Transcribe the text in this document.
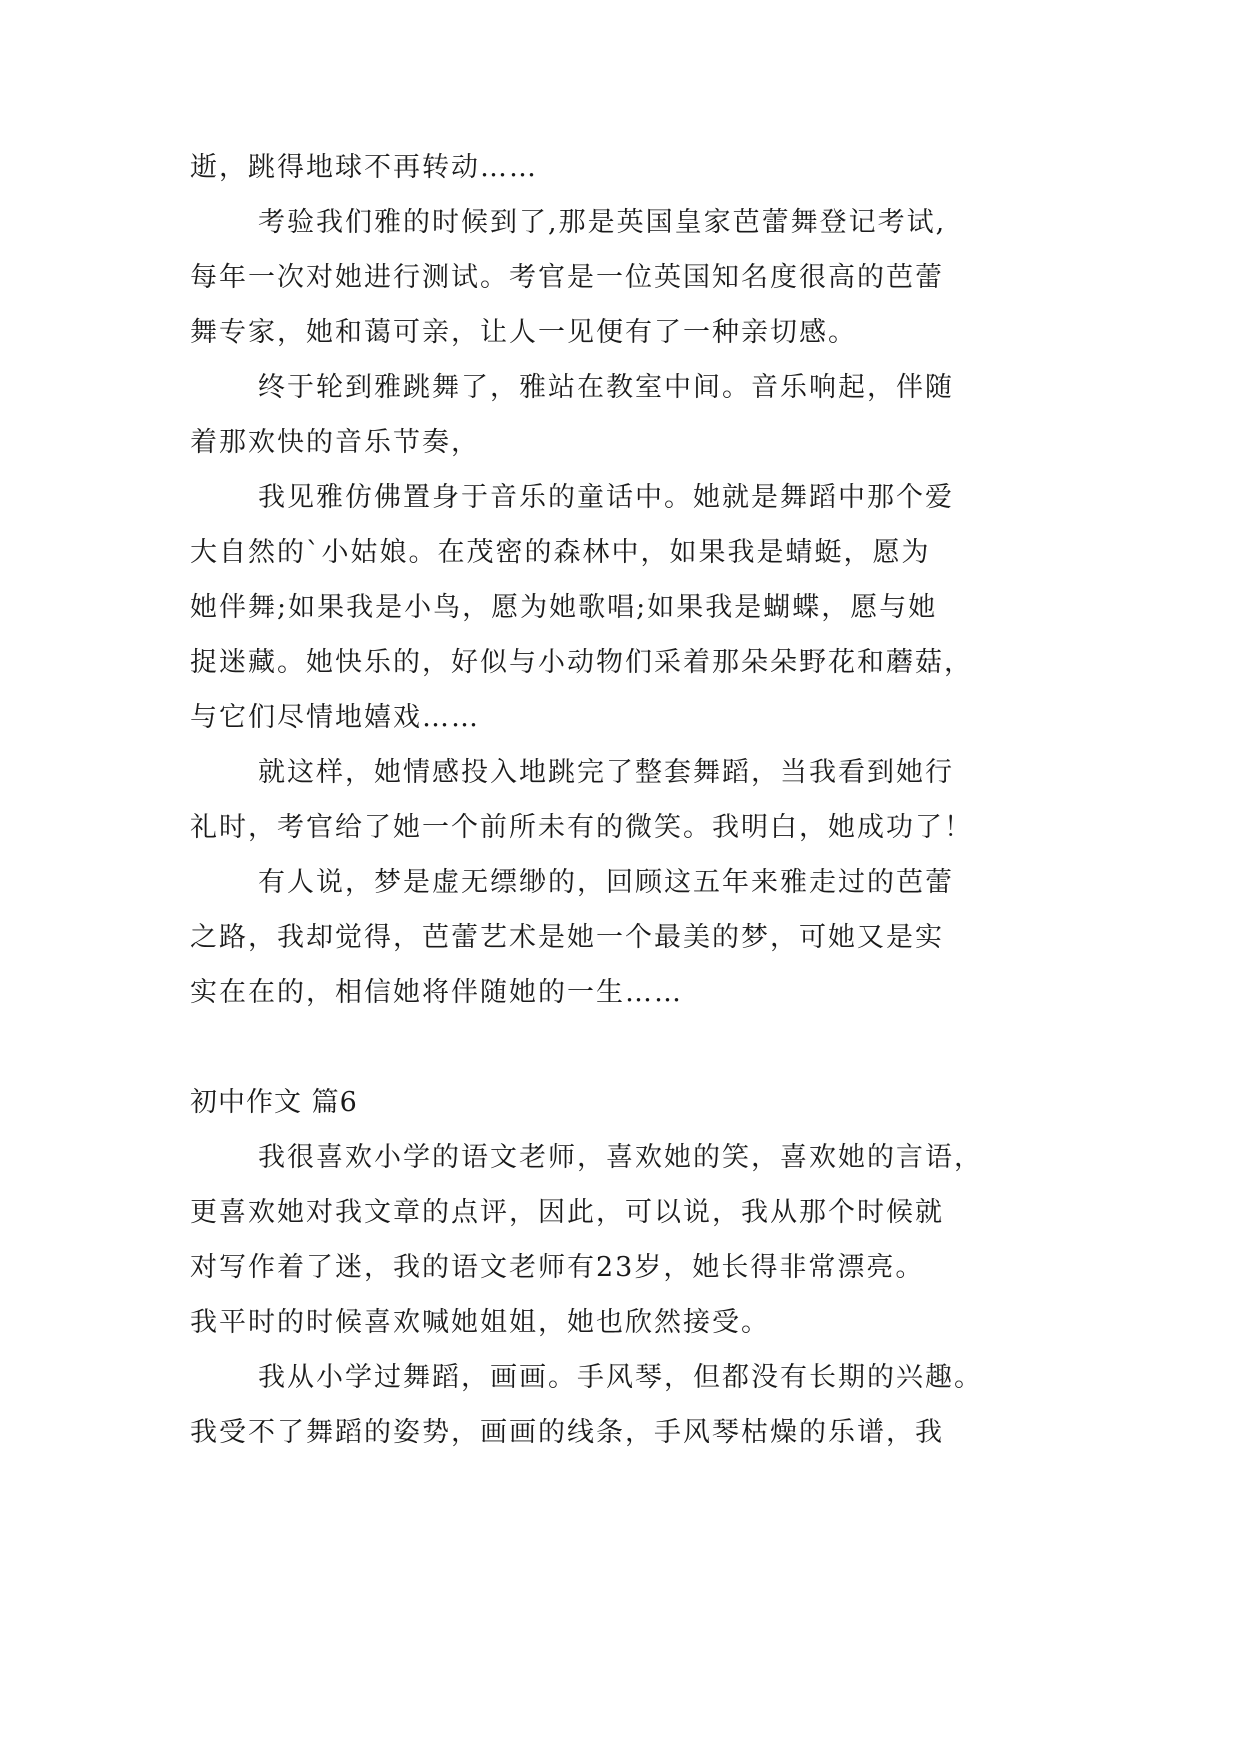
逝，跳得地球不再转动……
考验我们雅的时候到了,那是英国皇家芭蕾舞登记考试,
每年一次对她进行测试。考官是一位英国知名度很高的芭蕾
舞专家，她和蔼可亲，让人一见便有了一种亲切感。
终于轮到雅跳舞了，雅站在教室中间。音乐响起，伴随
着那欢快的音乐节奏，
我见雅仿佛置身于音乐的童话中。她就是舞蹈中那个爱
大自然的`小姑娘。在茂密的森林中，如果我是蜻蜓，愿为
她伴舞;如果我是小鸟，愿为她歌唱;如果我是蝴蝶，愿与她
捉迷藏。她快乐的，好似与小动物们采着那朵朵野花和蘑菇，
与它们尽情地嬉戏……
就这样，她情感投入地跳完了整套舞蹈，当我看到她行
礼时，考官给了她一个前所未有的微笑。我明白，她成功了！
有人说，梦是虚无缥缈的，回顾这五年来雅走过的芭蕾
之路，我却觉得，芭蕾艺术是她一个最美的梦，可她又是实
实在在的，相信她将伴随她的一生……
初中作文 篇6
我很喜欢小学的语文老师，喜欢她的笑，喜欢她的言语，
更喜欢她对我文章的点评，因此，可以说，我从那个时候就
对写作着了迷，我的语文老师有23岁，她长得非常漂亮。
我平时的时候喜欢喊她姐姐，她也欣然接受。
我从小学过舞蹈，画画。手风琴，但都没有长期的兴趣。
我受不了舞蹈的姿势，画画的线条，手风琴枯燥的乐谱，我
